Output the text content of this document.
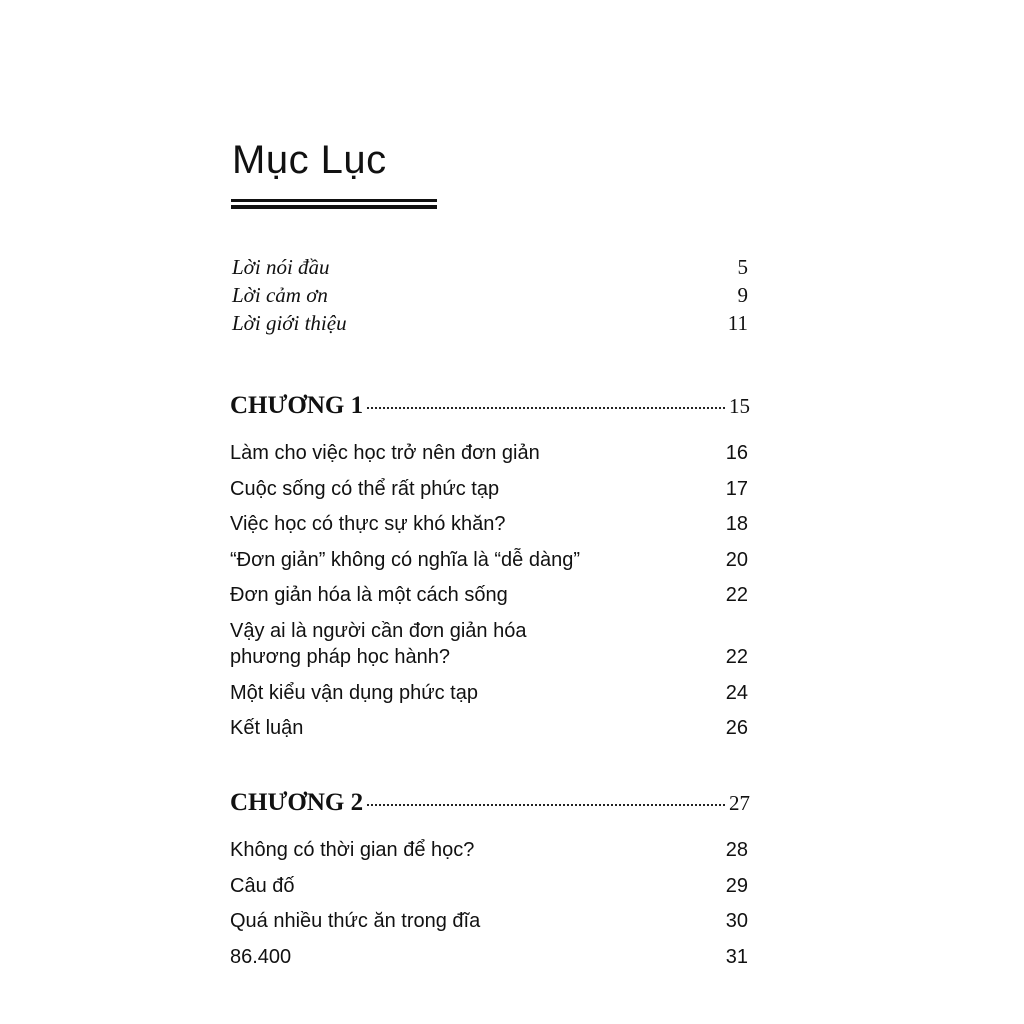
Mục Lục
Lời nói đầu	5
Lời cảm ơn	9
Lời giới thiệu	11
CHƯƠNG 1	15
Làm cho việc học trở nên đơn giản	16
Cuộc sống có thể rất phức tạp	17
Việc học có thực sự khó khăn?	18
“Đơn giản” không có nghĩa là “dễ dàng”	20
Đơn giản hóa là một cách sống	22
Vậy ai là người cần đơn giản hóa
phương pháp học hành?	22
Một kiểu vận dụng phức tạp	24
Kết luận	26
CHƯƠNG 2	27
Không có thời gian để học?	28
Câu đố	29
Quá nhiều thức ăn trong đĩa	30
86.400	31
